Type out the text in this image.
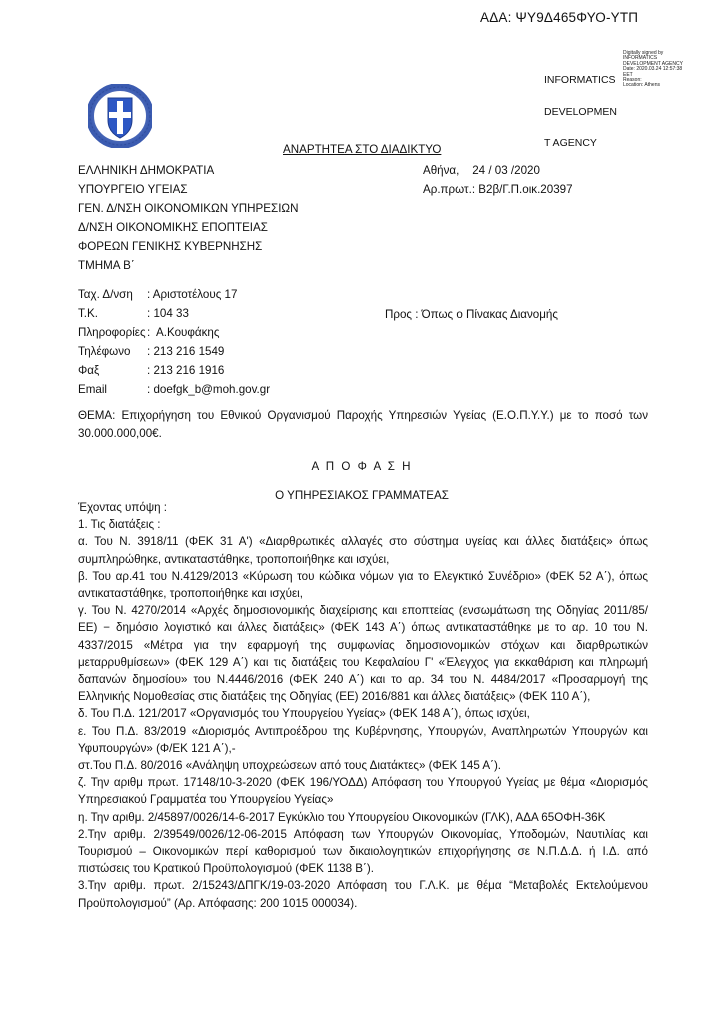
ΑΔΑ: ΨΥ9Δ465ΦΥΟ-ΥΤΠ

INFORMATICS

DEVELOPMEN

T AGENCY

Digitally signed by
INFORMATICS
DEVELOPMENT AGENCY
Date: 2020.03.24 12:57:38
EET
Reason:
Location: Athens
ΑΝΑΡΤΗΤΕΑ ΣΤΟ ΔΙΑΔΙΚΤΥΟ
ΕΛΛΗΝΙΚΗ ΔΗΜΟΚΡΑΤΙΑ
ΥΠΟΥΡΓΕΙΟ ΥΓΕΙΑΣ
ΓΕΝ. Δ/ΝΣΗ ΟΙΚΟΝΟΜΙΚΩΝ ΥΠΗΡΕΣΙΩΝ
Δ/ΝΣΗ ΟΙΚΟΝΟΜΙΚΗΣ ΕΠΟΠΤΕΙΑΣ
ΦΟΡΕΩΝ ΓΕΝΙΚΗΣ ΚΥΒΕΡΝΗΣΗΣ
ΤΜΗΜΑ Β΄
Αθήνα,    24 / 03 /2020
Αρ.πρωτ.: Β2β/Γ.Π.οικ.20397
Ταχ. Δ/νση	: Αριστοτέλους 17
Τ.Κ.	: 104 33
Πληροφορίες :  Α.Κουφάκης
Τηλέφωνο	: 213 216 1549
Φαξ	: 213 216 1916
Email	: doefgk_b@moh.gov.gr
Προς : Όπως ο Πίνακας Διανομής
ΘΕΜΑ: Επιχορήγηση του Εθνικού Οργανισμού Παροχής Υπηρεσιών Υγείας (Ε.Ο.Π.Υ.Υ.) με το ποσό των 30.000.000,00€.
Α Π Ο Φ Α Σ Η
Ο ΥΠΗΡΕΣΙΑΚΟΣ ΓΡΑΜΜΑΤΕΑΣ

Έχοντας υπόψη :

1. Τις διατάξεις :

α. Του Ν. 3918/11 (ΦΕΚ 31 Α') «Διαρθρωτικές αλλαγές στο σύστημα υγείας και άλλες διατάξεις» όπως συμπληρώθηκε, αντικαταστάθηκε, τροποποιήθηκε και ισχύει,

β. Του αρ.41 του Ν.4129/2013 «Κύρωση του κώδικα νόμων για το Ελεγκτικό Συνέδριο» (ΦΕΚ 52 Α΄), όπως αντικαταστάθηκε, τροποποιήθηκε και ισχύει,

γ. Του Ν. 4270/2014 «Αρχές δημοσιονομικής διαχείρισης και εποπτείας (ενσωμάτωση της Οδηγίας 2011/85/ΕΕ) − δημόσιο λογιστικό και άλλες διατάξεις» (ΦΕΚ 143 Α΄) όπως αντικαταστάθηκε με το αρ. 10 του Ν. 4337/2015 «Μέτρα για την εφαρμογή της συμφωνίας δημοσιονομικών στόχων και διαρθρωτικών μεταρρυθμίσεων» (ΦΕΚ 129 Α΄) και τις διατάξεις του Κεφαλαίου Γ' «Έλεγχος για εκκαθάριση και πληρωμή δαπανών δημοσίου» του Ν.4446/2016 (ΦΕΚ 240 Α΄) και το αρ. 34 του Ν. 4484/2017 «Προσαρμογή της Ελληνικής Νομοθεσίας στις διατάξεις της Οδηγίας (ΕΕ) 2016/881 και άλλες διατάξεις» (ΦΕΚ 110 Α΄),

δ. Του Π.Δ. 121/2017 «Οργανισμός του Υπουργείου Υγείας» (ΦΕΚ 148 Α΄), όπως ισχύει,

ε. Του Π.Δ. 83/2019 «Διορισμός Αντιπροέδρου της Κυβέρνησης, Υπουργών, Αναπληρωτών Υπουργών και Υφυπουργών» (Φ/ΕΚ 121 Α΄),-

στ.Του Π.Δ. 80/2016 «Ανάληψη υποχρεώσεων από τους Διατάκτες» (ΦΕΚ 145 Α΄).

ζ. Την αριθμ πρωτ. 17148/10-3-2020 (ΦΕΚ 196/ΥΟΔΔ) Απόφαση του Υπουργού Υγείας με θέμα «Διορισμός Υπηρεσιακού Γραμματέα του Υπουργείου Υγείας»

η. Την αριθμ. 2/45897/0026/14-6-2017 Εγκύκλιο του Υπουργείου Οικονομικών (ΓΛΚ), ΑΔΑ 65ΟΦΗ-36Κ

2.Την αριθμ. 2/39549/0026/12-06-2015 Απόφαση των Υπουργών Οικονομίας, Υποδομών, Ναυτιλίας και Τουρισμού – Οικονομικών περί καθορισμού των δικαιολογητικών επιχορήγησης σε Ν.Π.Δ.Δ. ή Ι.Δ. από πιστώσεις του Κρατικού Προϋπολογισμού (ΦΕΚ 1138 Β΄).

3.Την αριθμ. πρωτ. 2/15243/ΔΠΓΚ/19-03-2020 Απόφαση του Γ.Λ.Κ. με θέμα “Μεταβολές Εκτελούμενου Προϋπολογισμού” (Αρ. Απόφασης: 200 1015 000034).
